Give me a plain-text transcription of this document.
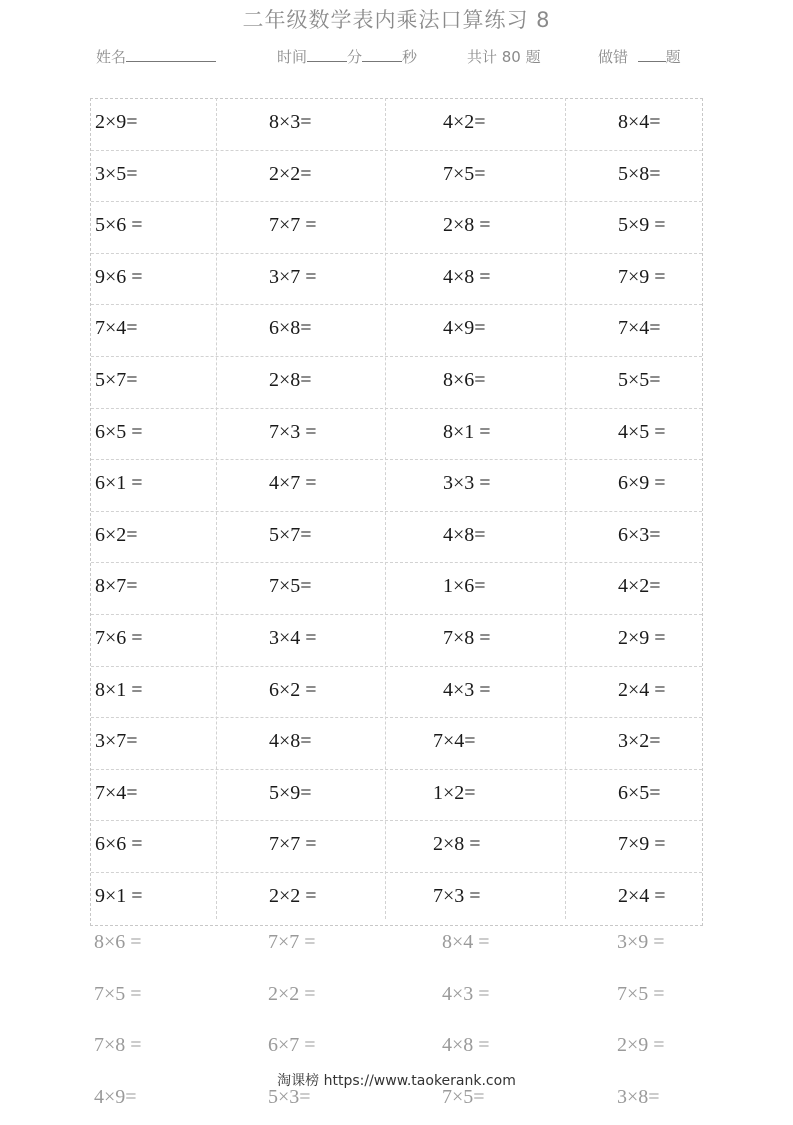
二年级数学表内乘法口算练习 8
姓名	时间	分	秒	共计 80 题	做错	题
2×9=	8×3=	4×2=	8×4=
3×5=	2×2=	7×5=	5×8=
5×6 =	7×7 =	2×8 =	5×9 =
9×6 =	3×7 =	4×8 =	7×9 =
7×4=	6×8=	4×9=	7×4=
5×7=	2×8=	8×6=	5×5=
6×5 =	7×3 =	8×1 =	4×5 =
6×1 =	4×7 =	3×3 =	6×9 =
6×2=	5×7=	4×8=	6×3=
8×7=	7×5=	1×6=	4×2=
7×6 =	3×4 =	7×8 =	2×9 =
8×1 =	6×2 =	4×3 =	2×4 =
3×7=	4×8=	7×4=	3×2=
7×4=	5×9=	1×2=	6×5=
6×6 =	7×7 =	2×8 =	7×9 =
9×1 =	2×2 =	7×3 =	2×4 =
8×6 =	7×7 =	8×4 =	3×9 =
7×5 =	2×2 =	4×3 =	7×5 =
7×8 =	6×7 =	4×8 =	2×9 =
4×9=	5×3=	7×5=	3×8=
淘课榜 https://www.taokerank.com
